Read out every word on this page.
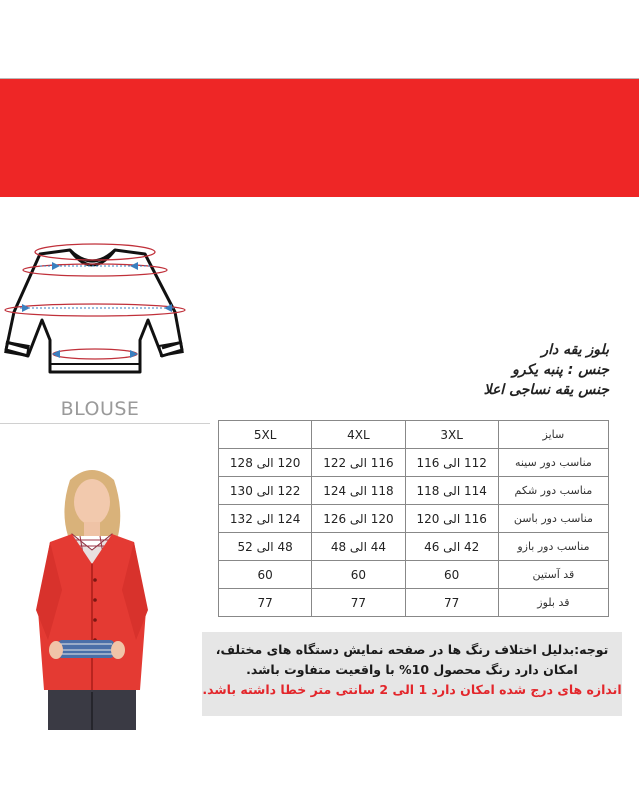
BLOUSE
بلوز یقه دار
جنس : پنبه یکرو
جنس یقه نساجی اعلا
سایز	3XL	4XL	5XL
مناسب دور سینه	112 الی 116	116 الی 122	120 الی 128
مناسب دور شکم	114 الی 118	118 الی 124	122 الی 130
مناسب دور باسن	116 الی 120	120 الی 126	124 الی 132
مناسب دور بازو	42 الی 46	44 الی 48	48 الی 52
قد آستین	60	60	60
قد بلوز	77	77	77
توجه:بدلیل اختلاف رنگ ها در صفحه نمایش دستگاه های مختلف،
امکان دارد رنگ محصول 10% با واقعیت متفاوت باشد.
اندازه های درج شده امکان دارد 1 الی 2 سانتی متر خطا داشته باشد.
